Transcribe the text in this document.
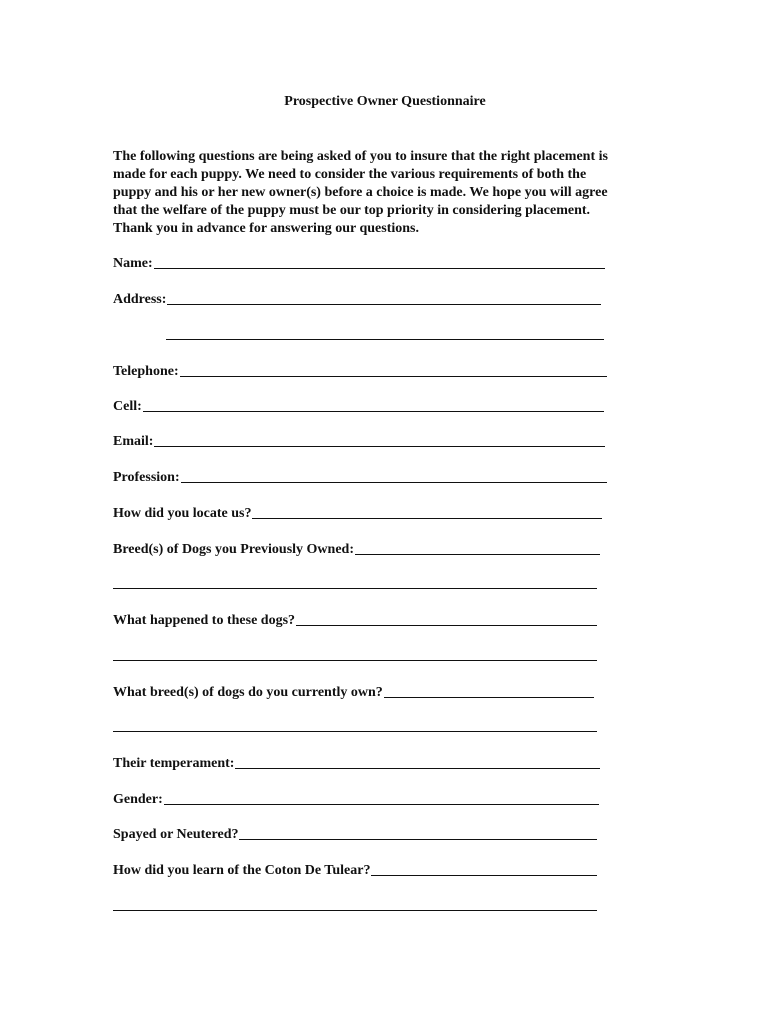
Prospective Owner Questionnaire
The following questions are being asked of you to insure that the right placement is
made for each puppy. We need to consider the various requirements of both the
puppy and his or her new owner(s) before a choice is made. We hope you will agree
that the welfare of the puppy must be our top priority in considering placement.
Thank you in advance for answering our questions.
Name:
Address:
Telephone:
Cell:
Email:
Profession:
How did you locate us?
Breed(s) of Dogs you Previously Owned:
What happened to these dogs?
What breed(s) of dogs do you currently own?
Their temperament:
Gender:
Spayed or Neutered?
How did you learn of the Coton De Tulear?
